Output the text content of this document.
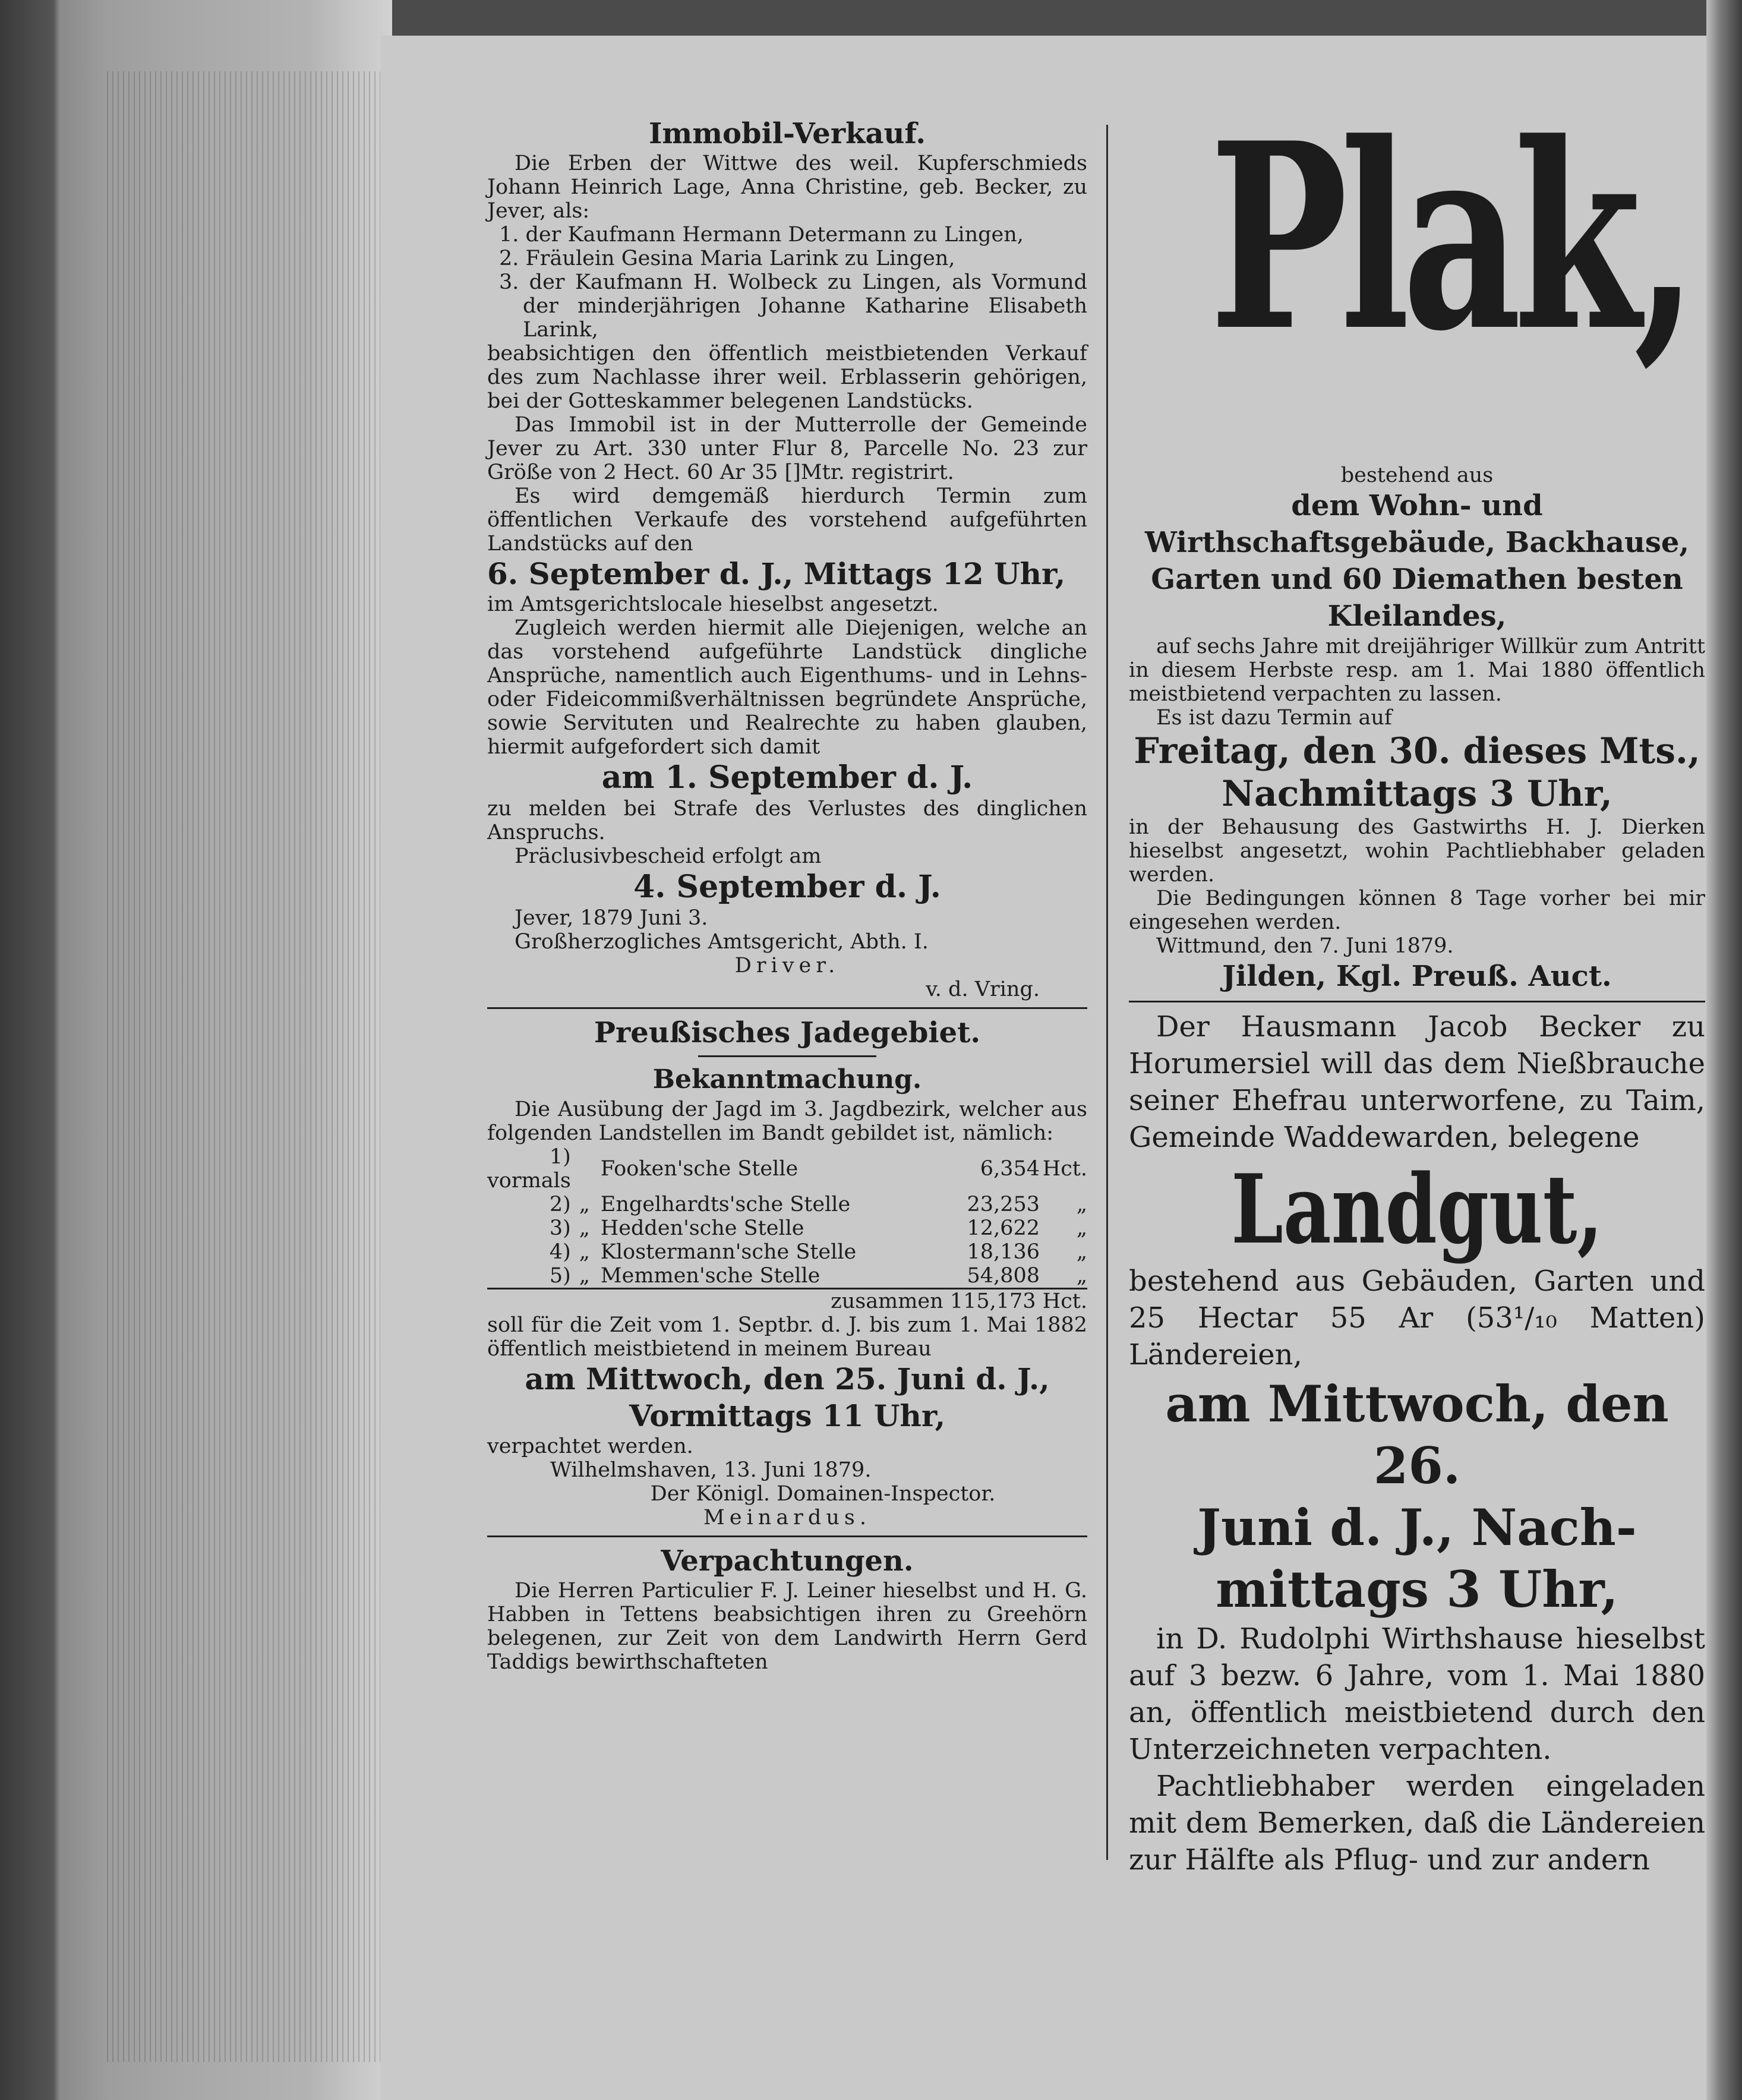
Immobil-Verkauf.

Die Erben der Wittwe des weil. Kupferschmieds Johann Heinrich Lage, Anna Christine, geb. Becker, zu Jever, als:

1. der Kaufmann Hermann Determann zu Lingen,

2. Fräulein Gesina Maria Larink zu Lingen,

3. der Kaufmann H. Wolbeck zu Lingen, als Vormund der minderjährigen Johanne Katharine Elisabeth Larink,

beabsichtigen den öffentlich meistbietenden Verkauf des zum Nachlasse ihrer weil. Erblasserin gehörigen, bei der Gotteskammer belegenen Landstücks.

Das Immobil ist in der Mutterrolle der Gemeinde Jever zu Art. 330 unter Flur 8, Parcelle No. 23 zur Größe von 2 Hect. 60 Ar 35 []Mtr. registrirt.

Es wird demgemäß hierdurch Termin zum öffentlichen Verkaufe des vorstehend aufgeführten Landstücks auf den

6. September d. J., Mittags 12 Uhr,

im Amtsgerichtslocale hieselbst angesetzt.

Zugleich werden hiermit alle Diejenigen, welche an das vorstehend aufgeführte Landstück dingliche Ansprüche, namentlich auch Eigenthums- und in Lehns- oder Fideicommißverhältnissen begründete Ansprüche, sowie Servituten und Realrechte zu haben glauben, hiermit aufgefordert sich damit

am 1. September d. J.

zu melden bei Strafe des Verlustes des dinglichen Anspruchs.

Präclusivbescheid erfolgt am

4. September d. J.

Jever, 1879 Juni 3.

Großherzogliches Amtsgericht, Abth. I.

Driver.

v. d. Vring.

Preußisches Jadegebiet.

Bekanntmachung.

Die Ausübung der Jagd im 3. Jagdbezirk, welcher aus folgenden Landstellen im Bandt gebildet ist, nämlich:

1) vormals		Fooken'sche Stelle	6,354	Hct.
2)	„	Engelhardts'sche Stelle	23,253	„
3)	„	Hedden'sche Stelle	12,622	„
4)	„	Klostermann'sche Stelle	18,136	„
5)	„	Memmen'sche Stelle	54,808	„
zusammen 115,173 Hct.				

soll für die Zeit vom 1. Septbr. d. J. bis zum 1. Mai 1882 öffentlich meistbietend in meinem Bureau

am Mittwoch, den 25. Juni d. J.,

Vormittags 11 Uhr,

verpachtet werden.

Wilhelmshaven, 13. Juni 1879.

Der Königl. Domainen-Inspector.

Meinardus.

Verpachtungen.

Die Herren Particulier F. J. Leiner hieselbst und H. G. Habben in Tettens beabsichtigen ihren zu Greehörn belegenen, zur Zeit von dem Landwirth Herrn Gerd Taddigs bewirthschafteten

Plak,

bestehend aus

dem Wohn- und Wirthschaftsgebäude, Backhause, Garten und 60 Diemathen besten Kleilandes,

auf sechs Jahre mit dreijähriger Willkür zum Antritt in diesem Herbste resp. am 1. Mai 1880 öffentlich meistbietend verpachten zu lassen.

Es ist dazu Termin auf

Freitag, den 30. dieses Mts.,

Nachmittags 3 Uhr,

in der Behausung des Gastwirths H. J. Dierken hieselbst angesetzt, wohin Pachtliebhaber geladen werden.

Die Bedingungen können 8 Tage vorher bei mir eingesehen werden.

Wittmund, den 7. Juni 1879.

Jilden, Kgl. Preuß. Auct.

Der Hausmann Jacob Becker zu Horumersiel will das dem Nießbrauche seiner Ehefrau unterworfene, zu Taim, Gemeinde Waddewarden, belegene

Landgut,

bestehend aus Gebäuden, Garten und 25 Hectar 55 Ar (53¹/₁₀ Matten) Ländereien,

am Mittwoch, den 26.

Juni d. J., Nach-

mittags 3 Uhr,

in D. Rudolphi Wirthshause hieselbst auf 3 bezw. 6 Jahre, vom 1. Mai 1880 an, öffentlich meistbietend durch den Unterzeichneten verpachten.

Pachtliebhaber werden eingeladen mit dem Bemerken, daß die Ländereien zur Hälfte als Pflug- und zur andern
